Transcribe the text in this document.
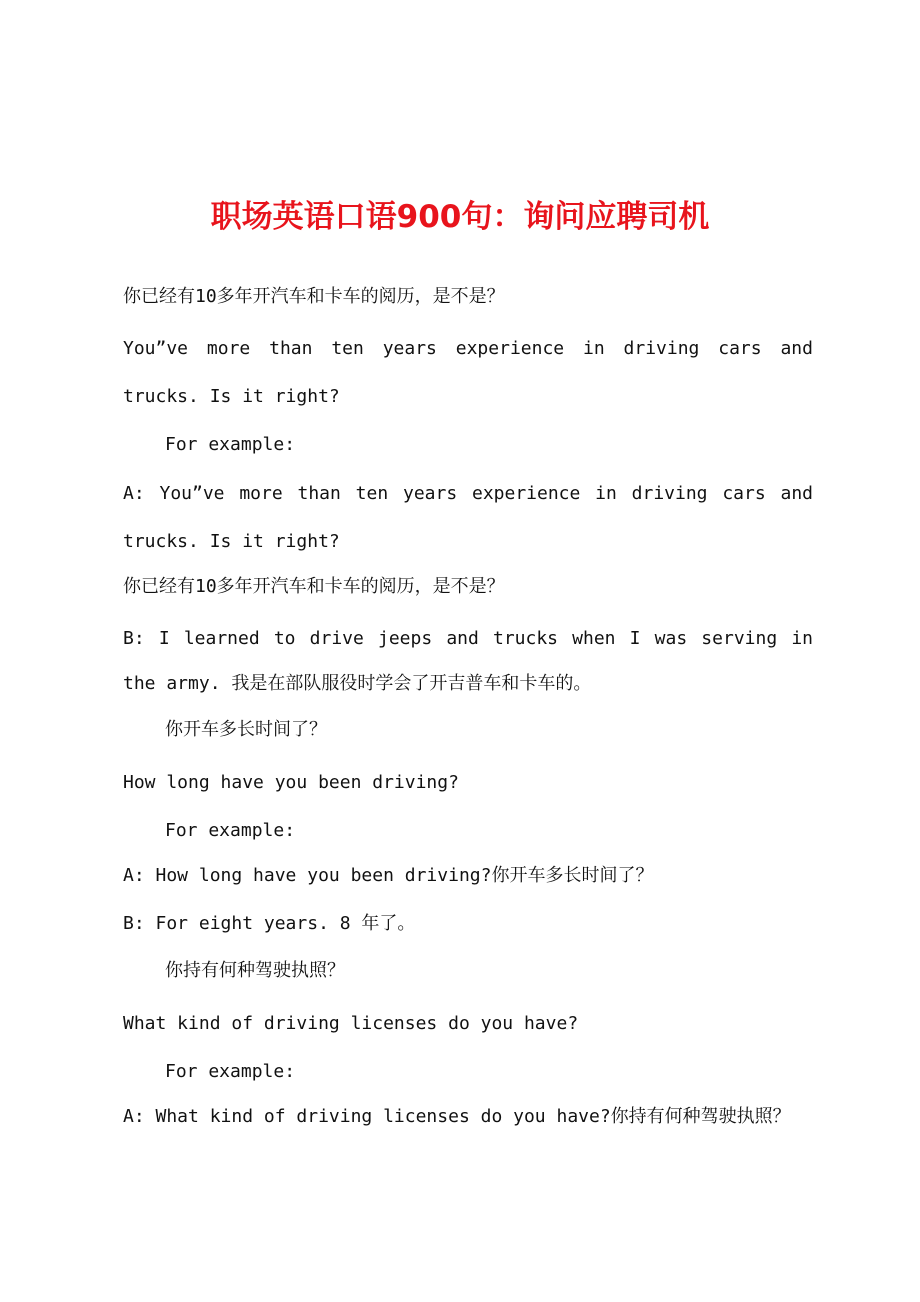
职场英语口语900句：询问应聘司机

你已经有10多年开汽车和卡车的阅历，是不是？

You”ve more than ten years experience in driving cars and

trucks. Is it right?

For example:

A: You”ve more than ten years experience in driving cars and

trucks. Is it right?

你已经有10多年开汽车和卡车的阅历，是不是？

B: I learned to drive jeeps and trucks when I was serving in

the army. 我是在部队服役时学会了开吉普车和卡车的。

你开车多长时间了？

How long have you been driving?

For example:

A: How long have you been driving?你开车多长时间了？

B: For eight years. 8 年了。

你持有何种驾驶执照？

What kind of driving licenses do you have?

For example:

A: What kind of driving licenses do you have?你持有何种驾驶执照？
